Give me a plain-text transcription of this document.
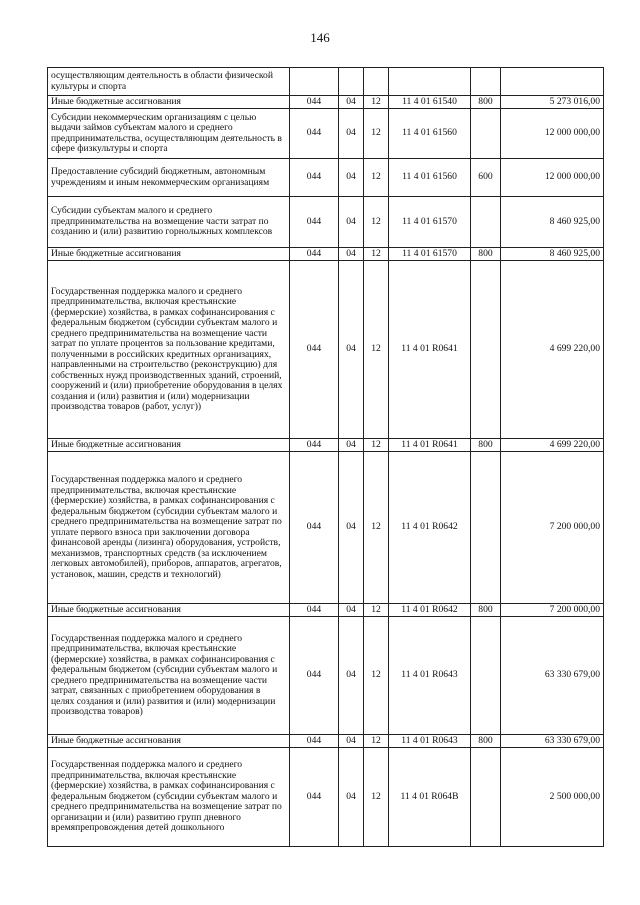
146
осуществляющим деятельность в области физической культуры и спорта						
Иные бюджетные ассигнования	044	04	12	11 4 01 61540	800	5 273 016,00
Субсидии некоммерческим организациям с целью выдачи займов субъектам малого и среднего предпринимательства, осуществляющим деятельность в сфере физкультуры и спорта	044	04	12	11 4 01 61560		12 000 000,00
Предоставление субсидий бюджетным, автономным учреждениям и иным некоммерческим организациям	044	04	12	11 4 01 61560	600	12 000 000,00
Субсидии субъектам малого и среднего предпринимательства на возмещение части затрат по созданию и (или) развитию горнолыжных комплексов	044	04	12	11 4 01 61570		8 460 925,00
Иные бюджетные ассигнования	044	04	12	11 4 01 61570	800	8 460 925,00
Государственная поддержка малого и среднего предпринимательства, включая крестьянские (фермерские) хозяйства, в рамках софинансирования с федеральным бюджетом (субсидии субъектам малого и среднего предпринимательства на возмещение части затрат по уплате процентов за пользование кредитами, полученными в российских кредитных организациях, направленными на строительство (реконструкцию) для собственных нужд производственных зданий, строений, сооружений и (или) приобретение оборудования в целях создания и (или) развития и (или) модернизации производства товаров (работ, услуг))	044	04	12	11 4 01 R0641		4 699 220,00
Иные бюджетные ассигнования	044	04	12	11 4 01 R0641	800	4 699 220,00
Государственная поддержка малого и среднего предпринимательства, включая крестьянские (фермерские) хозяйства, в рамках софинансирования с федеральным бюджетом (субсидии субъектам малого и среднего предпринимательства на возмещение затрат по уплате первого взноса при заключении договора финансовой аренды (лизинга) оборудования, устройств, механизмов, транспортных средств (за исключением легковых автомобилей), приборов, аппаратов, агрегатов, установок, машин, средств и технологий)	044	04	12	11 4 01 R0642		7 200 000,00
Иные бюджетные ассигнования	044	04	12	11 4 01 R0642	800	7 200 000,00
Государственная поддержка малого и среднего предпринимательства, включая крестьянские (фермерские) хозяйства, в рамках софинансирования с федеральным бюджетом (субсидии субъектам малого и среднего предпринимательства на возмещение части затрат, связанных с приобретением оборудования в целях создания и (или) развития и (или) модернизации производства товаров)	044	04	12	11 4 01 R0643		63 330 679,00
Иные бюджетные ассигнования	044	04	12	11 4 01 R0643	800	63 330 679,00
Государственная поддержка малого и среднего предпринимательства, включая крестьянские (фермерские) хозяйства, в рамках софинансирования с федеральным бюджетом (субсидии субъектам малого и среднего предпринимательства на возмещение затрат по организации и (или) развитию групп дневного времяпрепровождения детей дошкольного	044	04	12	11 4 01 R064B		2 500 000,00
